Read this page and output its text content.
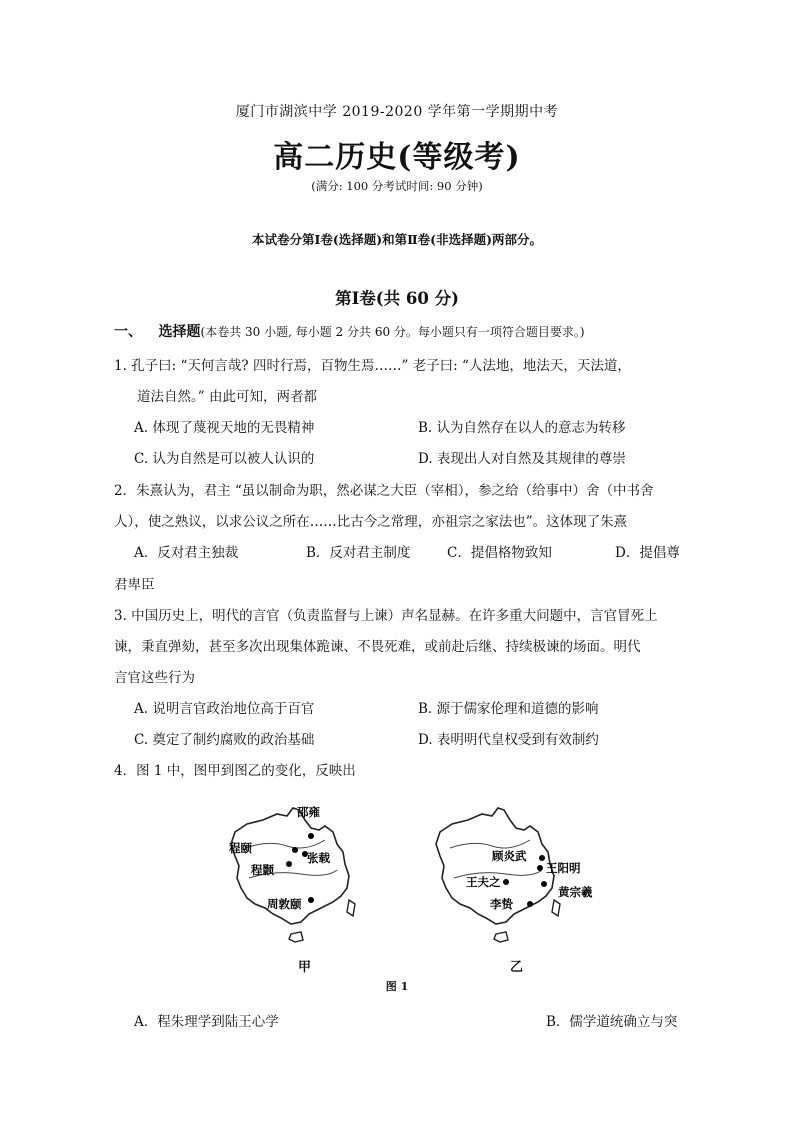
厦门市湖滨中学 2019-2020 学年第一学期期中考
高二历史(等级考)
(满分: 100 分考试时间: 90 分钟)
本试卷分第Ⅰ卷(选择题)和第Ⅱ卷(非选择题)两部分。
第Ⅰ卷(共 60 分)
一、 选择题(本卷共 30 小题, 每小题 2 分共 60 分。每小题只有一项符合题目要求。)
1. 孔子曰: “天何言哉? 四时行焉，百物生焉……” 老子曰: “人法地，地法天，天法道，
道法自然。” 由此可知，两者都
A. 体现了蔑视天地的无畏精神	B. 认为自然存在以人的意志为转移
C. 认为自然是可以被人认识的	D. 表现出人对自然及其规律的尊崇
2．朱熹认为，君主 “虽以制命为职，然必谋之大臣（宰相），参之给（给事中）舍（中书舍
人），使之熟议，以求公议之所在……比古今之常理，亦祖宗之家法也”。这体现了朱熹
A．反对君主独裁	B．反对君主制度	C．提倡格物致知	D．提倡尊
君卑臣
3. 中国历史上，明代的言官（负责监督与上谏）声名显赫。在许多重大问题中，言官冒死上
谏，秉直弹劾，甚至多次出现集体跪谏、不畏死难，或前赴后继、持续极谏的场面。明代
言官这些行为
A. 说明言官政治地位高于百官	B. 源于儒家伦理和道德的影响
C. 奠定了制约腐败的政治基础	D. 表明明代皇权受到有效制约
4．图 1 中，图甲到图乙的变化，反映出
邵雍
程颐
张载
程颢
周敦颐
顾炎武
王阳明
王夫之
黄宗羲
李贽
甲	乙
图 1
A．程朱理学到陆王心学	B．儒学道统确立与突
